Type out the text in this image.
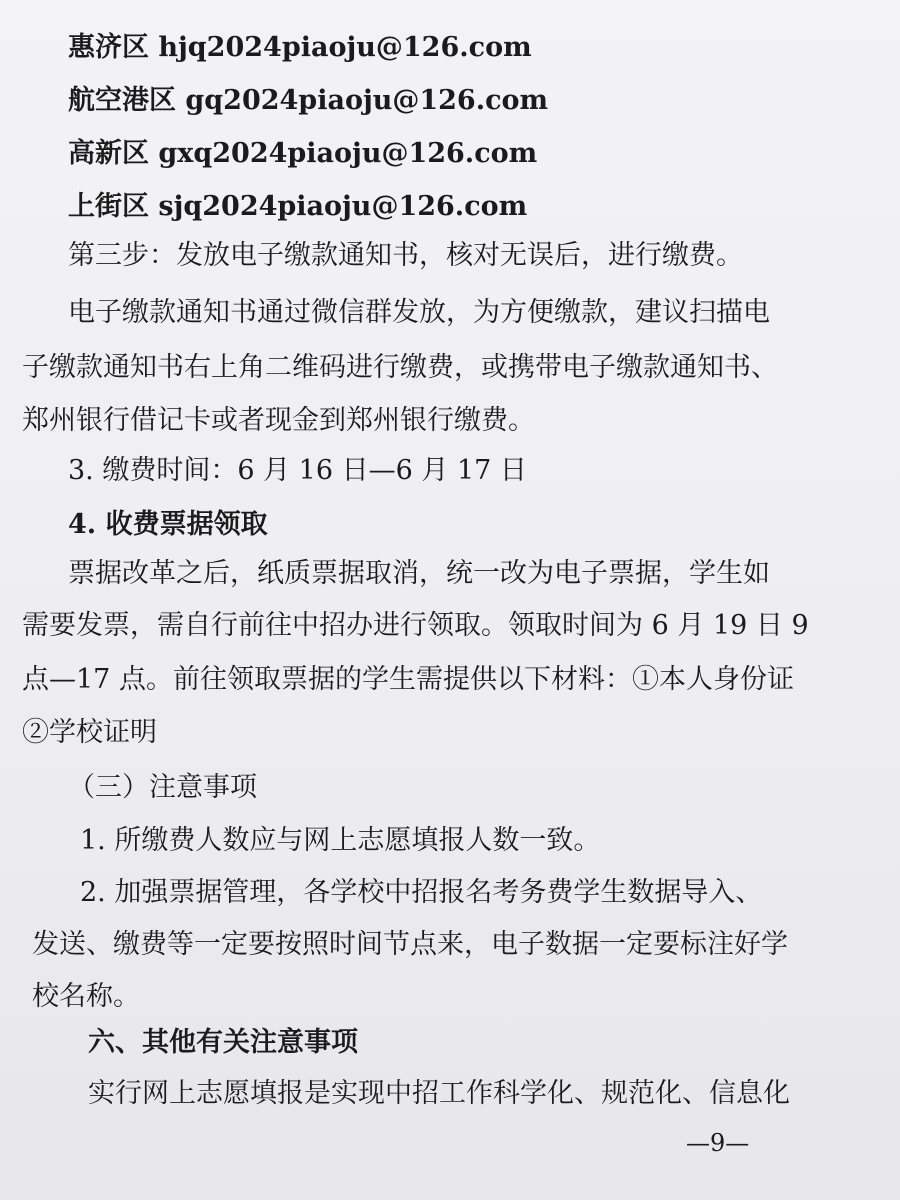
惠济区 hjq2024piaoju@126.com
航空港区 gq2024piaoju@126.com
高新区 gxq2024piaoju@126.com
上街区 sjq2024piaoju@126.com
第三步：发放电子缴款通知书，核对无误后，进行缴费。
电子缴款通知书通过微信群发放，为方便缴款，建议扫描电
子缴款通知书右上角二维码进行缴费，或携带电子缴款通知书、
郑州银行借记卡或者现金到郑州银行缴费。
3. 缴费时间：6 月 16 日—6 月 17 日
4. 收费票据领取
票据改革之后，纸质票据取消，统一改为电子票据，学生如
需要发票，需自行前往中招办进行领取。领取时间为 6 月 19 日 9
点—17 点。前往领取票据的学生需提供以下材料：①本人身份证
②学校证明
（三）注意事项
1. 所缴费人数应与网上志愿填报人数一致。
2. 加强票据管理，各学校中招报名考务费学生数据导入、
发送、缴费等一定要按照时间节点来，电子数据一定要标注好学
校名称。
六、其他有关注意事项
实行网上志愿填报是实现中招工作科学化、规范化、信息化
—9—
